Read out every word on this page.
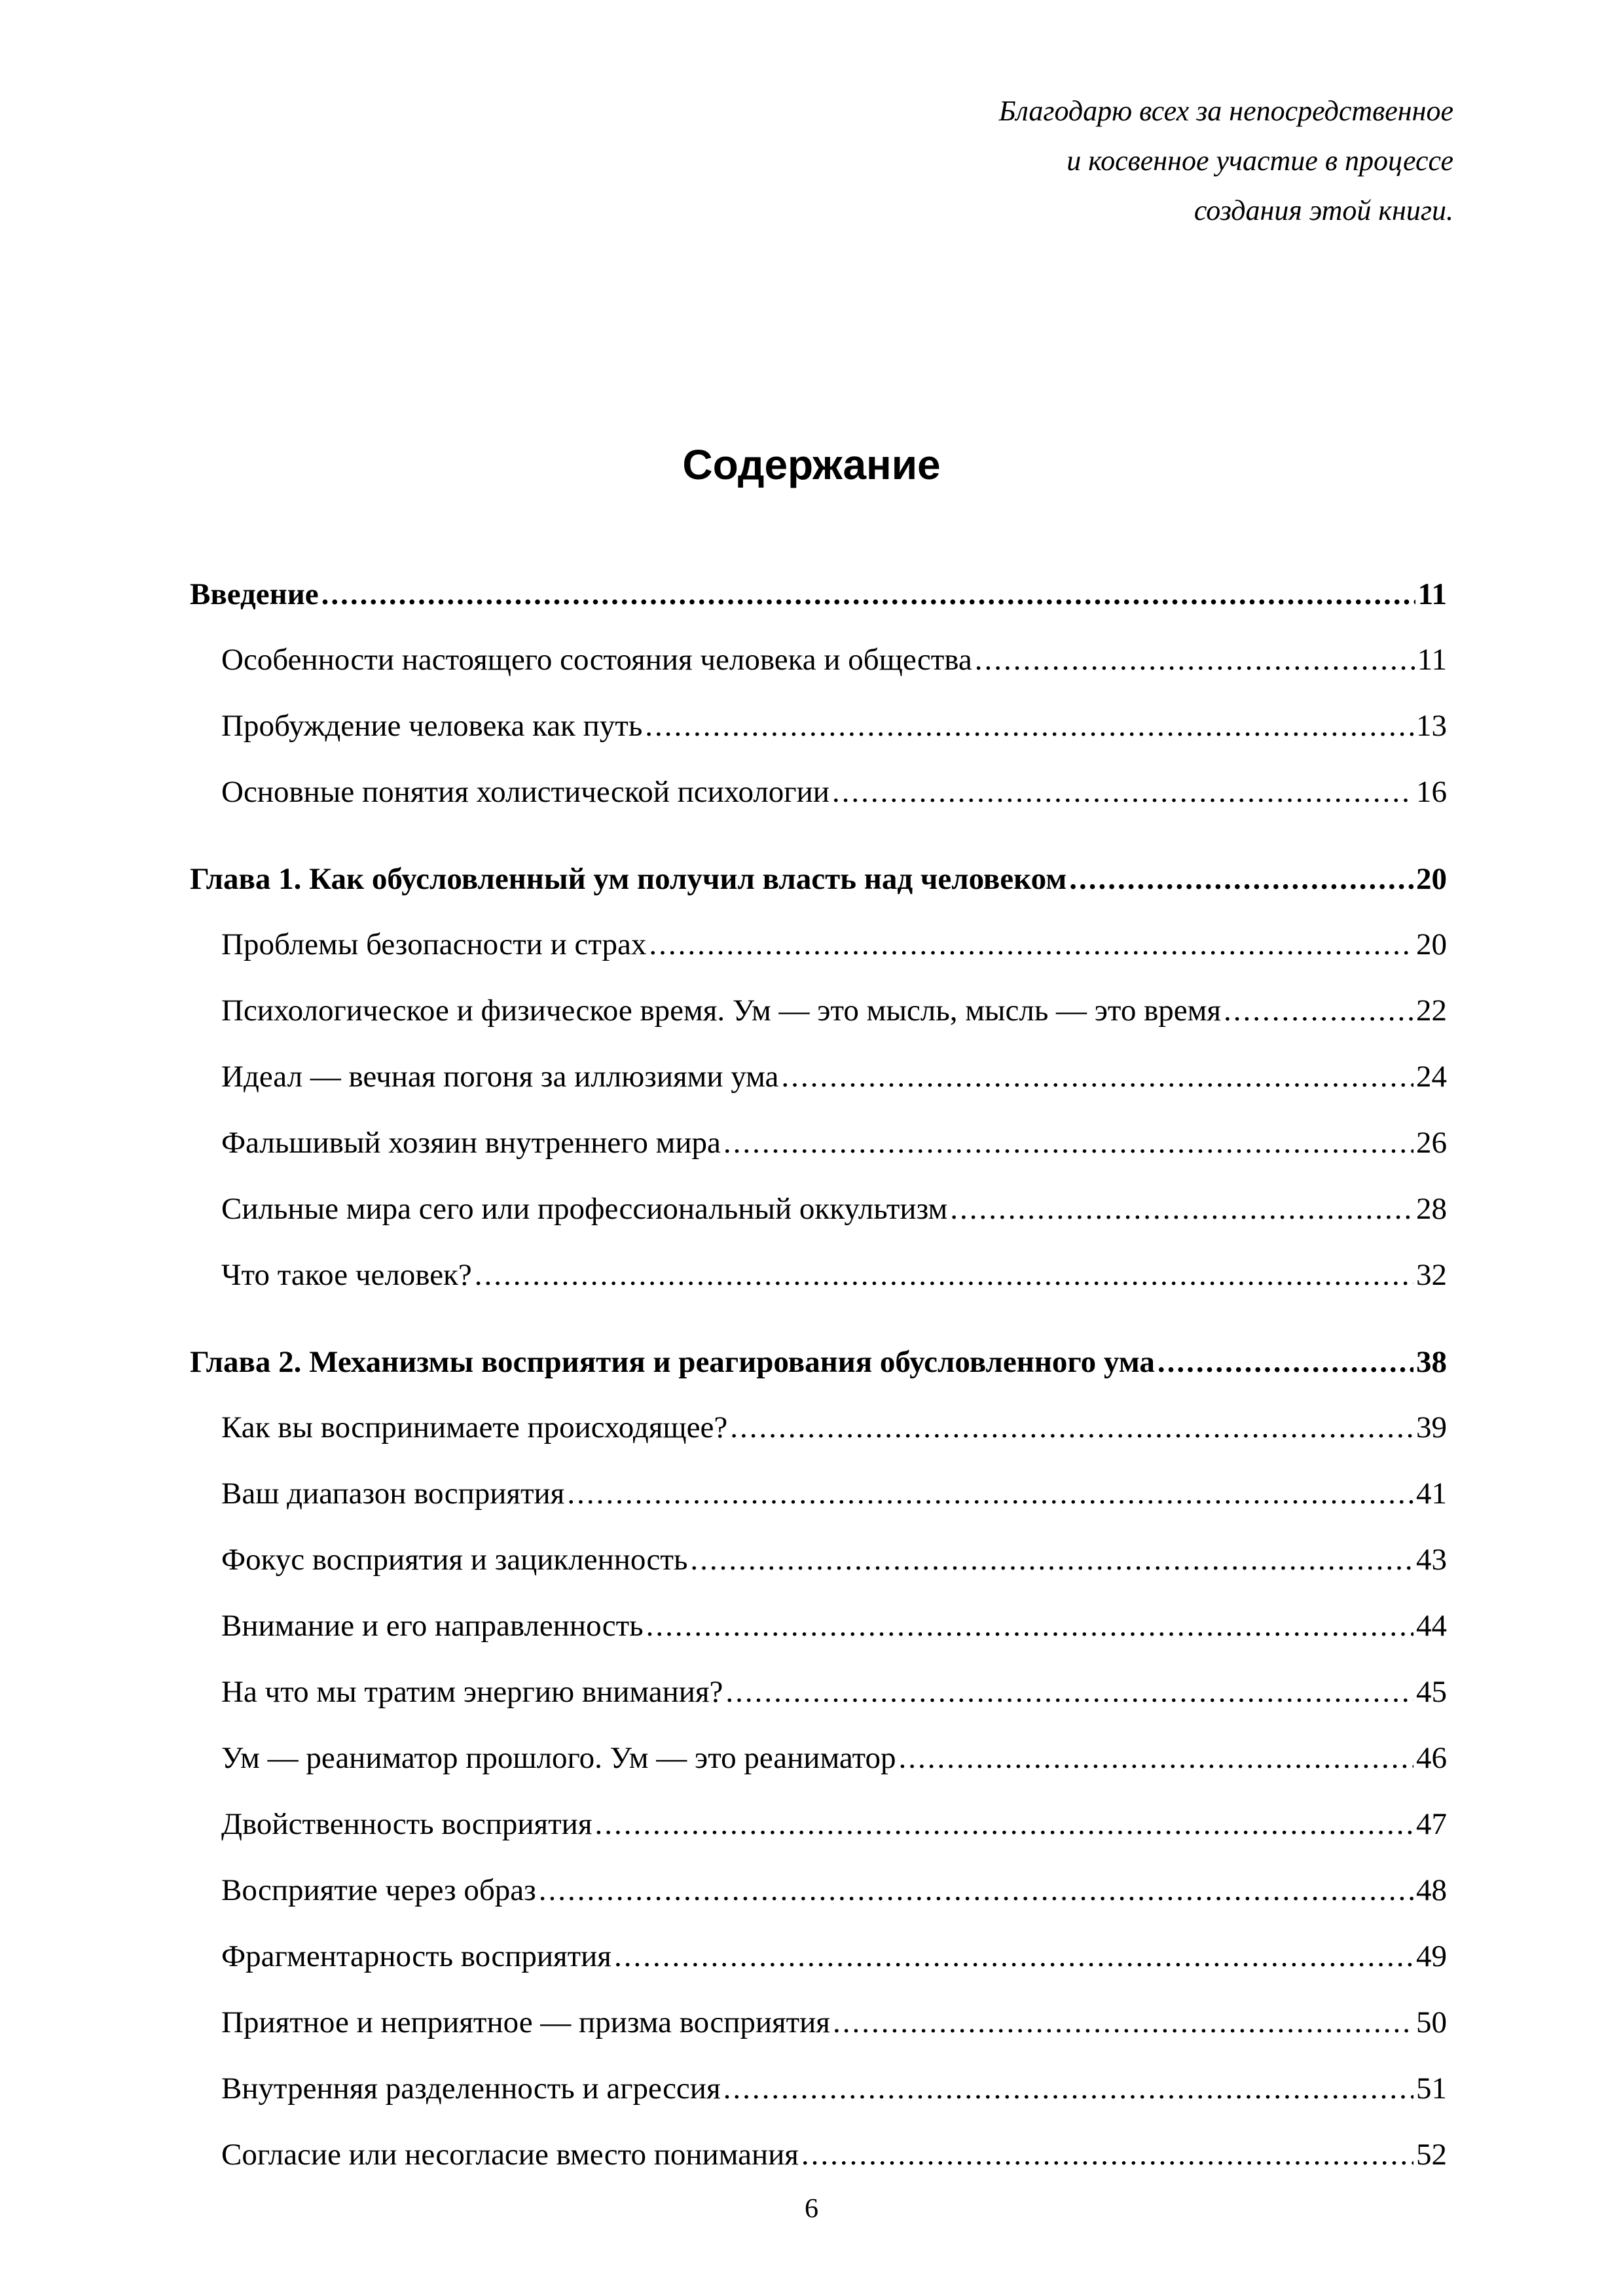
Благодарю всех за непосредственное
и косвенное участие в процессе
создания этой книги.
Содержание
Введение .....	11
Особенности настоящего состояния человека и общества .....	11
Пробуждение человека как путь .....	13
Основные понятия холистической психологии .....	16
Глава 1. Как обусловленный ум получил власть над человеком .....	20
Проблемы безопасности и страх .....	20
Психологическое и физическое время. Ум — это мысль, мысль — это время .....	22
Идеал — вечная погоня за иллюзиями ума .....	24
Фальшивый хозяин внутреннего мира .....	26
Сильные мира сего или профессиональный оккультизм .....	28
Что такое человек? .....	32
Глава 2. Механизмы восприятия и реагирования обусловленного ума .....	38
Как вы воспринимаете происходящее? .....	39
Ваш диапазон восприятия .....	41
Фокус восприятия и зацикленность .....	43
Внимание и его направленность .....	44
На что мы тратим энергию внимания? .....	45
Ум — реаниматор прошлого. Ум — это реаниматор .....	46
Двойственность восприятия .....	47
Восприятие через образ .....	48
Фрагментарность восприятия .....	49
Приятное и неприятное — призма восприятия .....	50
Внутренняя разделенность и агрессия .....	51
Согласие или несогласие вместо понимания .....	52
6
